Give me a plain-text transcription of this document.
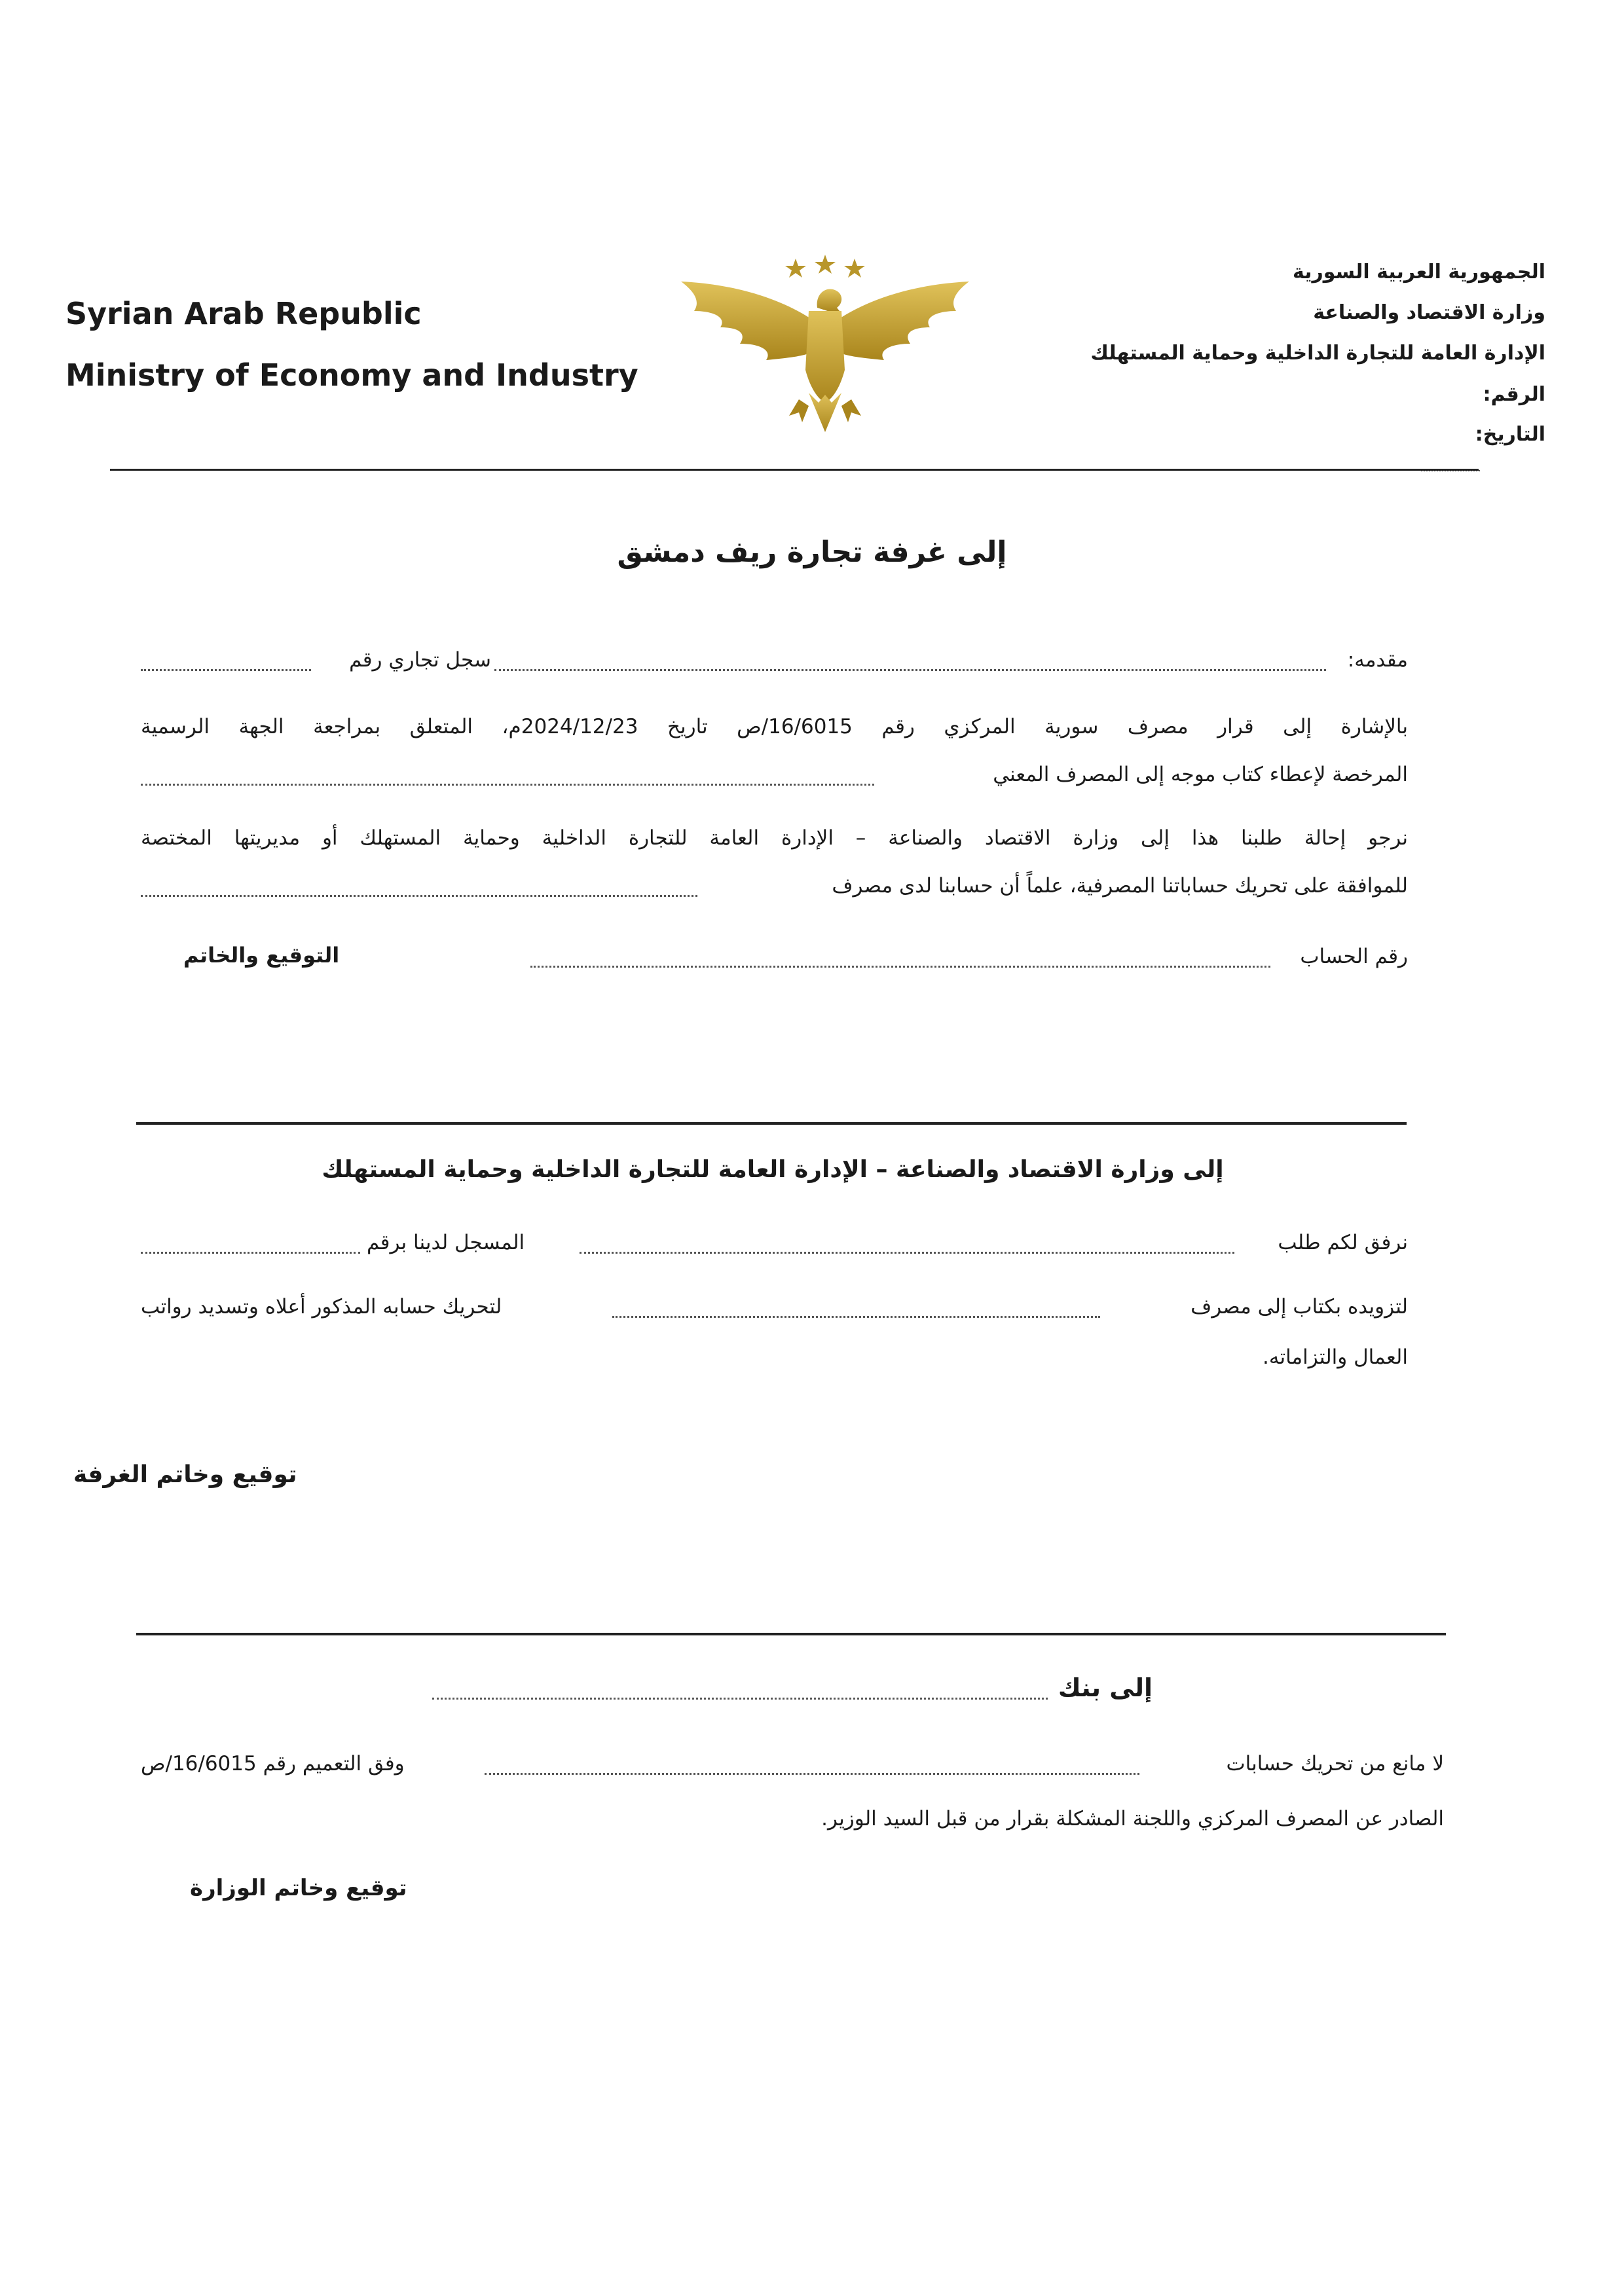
Syrian Arab Republic
Ministry of Economy and Industry
الجمهورية العربية السورية
وزارة الاقتصاد والصناعة
الإدارة العامة للتجارة الداخلية وحماية المستهلك
الرقم:
التاريخ:
إلى غرفة تجارة ريف دمشق
مقدمه:
سجل تجاري رقم
بالإشارة إلى قرار مصرف سورية المركزي رقم 16/6015/ص تاريخ 2024/12/23م، المتعلق بمراجعة الجهة الرسمية
المرخصة لإعطاء كتاب موجه إلى المصرف المعني
نرجو إحالة طلبنا هذا إلى وزارة الاقتصاد والصناعة – الإدارة العامة للتجارة الداخلية وحماية المستهلك أو مديريتها المختصة
للموافقة على تحريك حساباتنا المصرفية، علماً أن حسابنا لدى مصرف
رقم الحساب
التوقيع والخاتم
إلى وزارة الاقتصاد والصناعة – الإدارة العامة للتجارة الداخلية وحماية المستهلك
نرفق لكم طلب
المسجل لدينا برقم
لتزويده بكتاب إلى مصرف
لتحريك حسابه المذكور أعلاه وتسديد رواتب
العمال والتزاماته.
توقيع وخاتم الغرفة
إلى بنك
لا مانع من تحريك حسابات
وفق التعميم رقم 16/6015/ص
الصادر عن المصرف المركزي واللجنة المشكلة بقرار من قبل السيد الوزير.
توقيع وخاتم الوزارة
